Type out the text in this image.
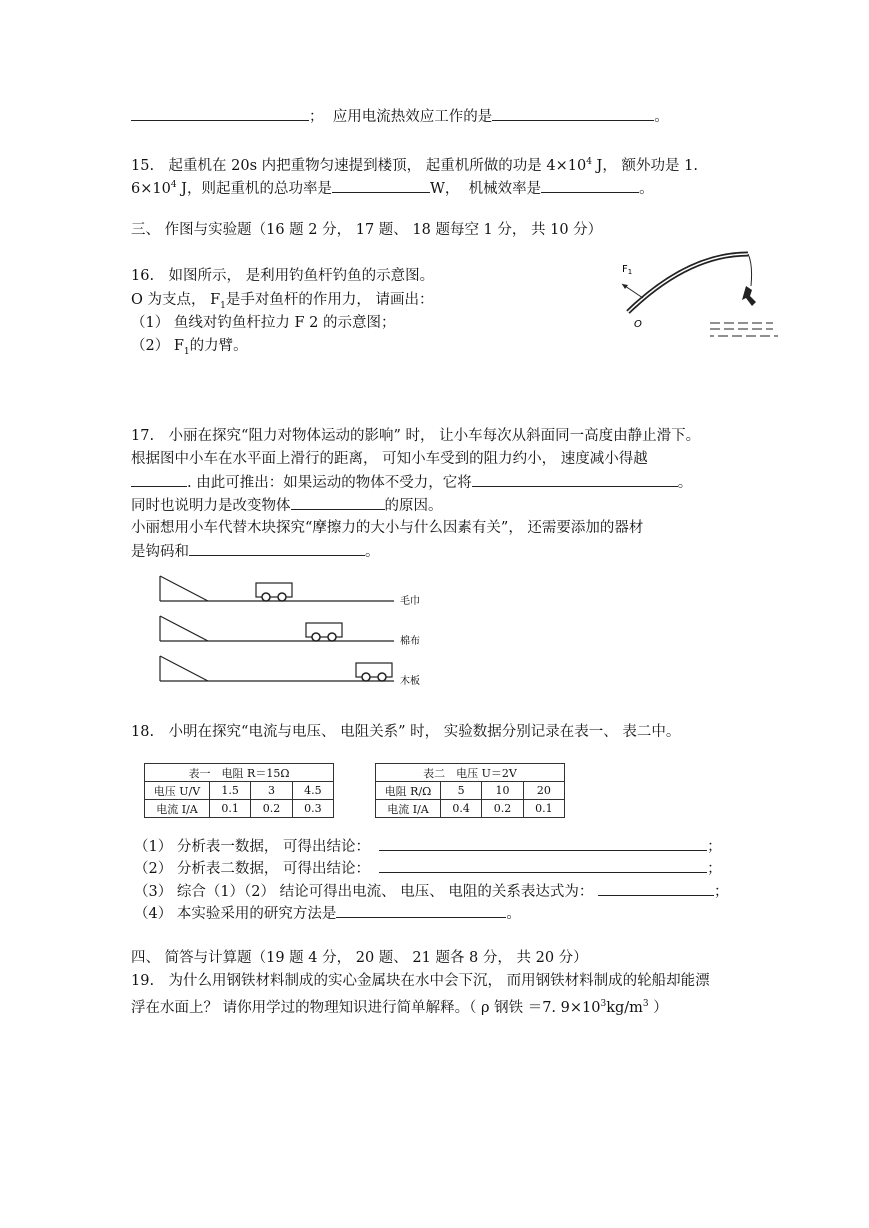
； 应用电流热效应工作的是	。
15.　起重机在 20s 内把重物匀速提到楼顶， 起重机所做的功是 $4\times 10^4$ J， 额外功是 1.
$6\times 10^4$ J，则起重机的总功率是	W， 机械效率是	。
三、 作图与实验题（16 题 2 分， 17 题、 18 题每空 1 分， 共 10 分）
16.　如图所示， 是利用钓鱼杆钓鱼的示意图。
O 为支点， $F_1$是手对鱼杆的作用力， 请画出：
（1） 鱼线对钓鱼杆拉力 F 2 的示意图；
（2） $F_1$的力臂。
$F_1$
O
17.　小丽在探究“阻力对物体运动的影响” 时， 让小车每次从斜面同一高度由静止滑下。
根据图中小车在水平面上滑行的距离， 可知小车受到的阻力约小， 速度减小得越
. 由此可推出：如果运动的物体不受力，它将	。
同时也说明力是改变物体	的原因。
小丽想用小车代替木块探究“摩擦力的大小与什么因素有关”， 还需要添加的器材
是钩码和	。
毛巾
棉布
木板
18.　小明在探究“电流与电压、 电阻关系” 时， 实验数据分别记录在表一、 表二中。
表一　电阻 R＝15Ω			
电压 U/V	1.5	3	4.5
电流 I/A	0.1	0.2	0.3
表二　电压 U＝2V			
电阻 R/Ω	5	10	20
电流 I/A	0.4	0.2	0.1
（1） 分析表一数据， 可得出结论：	；
（2） 分析表二数据， 可得出结论：	；
（3） 综合（1）（2） 结论可得出电流、 电压、 电阻的关系表达式为：	；
（4） 本实验采用的研究方法是	。
四、 简答与计算题（19 题 4 分， 20 题、 21 题各 8 分， 共 20 分）
19.　为什么用钢铁材料制成的实心金属块在水中会下沉， 而用钢铁材料制成的轮船却能漂
浮在水面上？ 请你用学过的物理知识进行简单解释。（ ρ 钢铁 ＝7. $9\times 10^3kg/m^3$ ）
